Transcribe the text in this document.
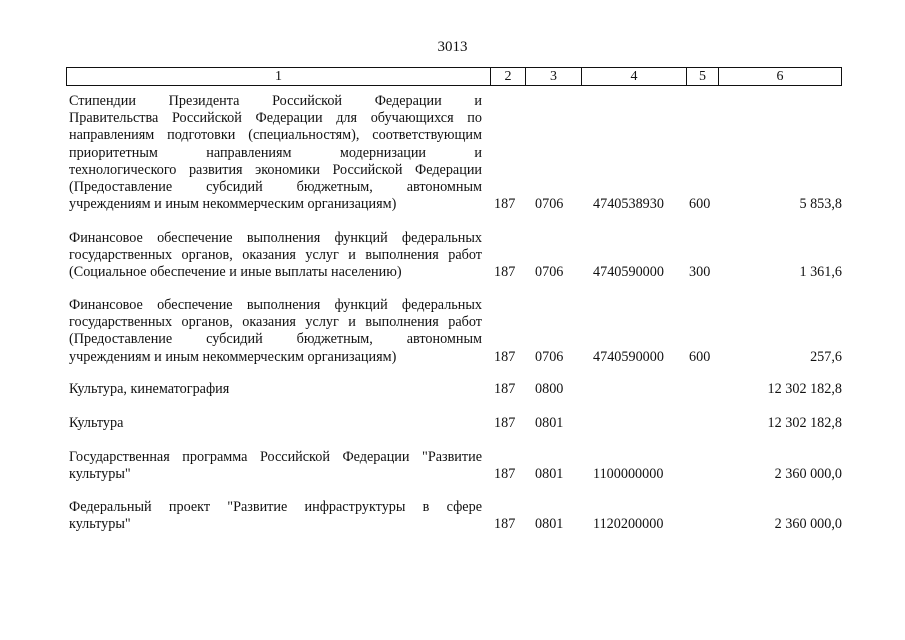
3013
1	2	3	4	5	6
Стипендии Президента Российской Федерации и
Правительства Российской Федерации для обучающихся по
направлениям подготовки (специальностям), соответствующим
приоритетным направлениям модернизации и
технологического развития экономики Российской Федерации
(Предоставление субсидий бюджетным, автономным
учреждениям и иным некоммерческим организациям)	187 0706 4740538930 600	5 853,8
Финансовое обеспечение выполнения функций федеральных
государственных органов, оказания услуг и выполнения работ
(Социальное обеспечение и иные выплаты населению)	187 0706 4740590000 300	1 361,6
Финансовое обеспечение выполнения функций федеральных
государственных органов, оказания услуг и выполнения работ
(Предоставление субсидий бюджетным, автономным
учреждениям и иным некоммерческим организациям)	187 0706 4740590000 600	257,6
Культура, кинематография	187 0800	12 302 182,8
Культура	187 0801	12 302 182,8
Государственная программа Российской Федерации "Развитие
культуры"	187 0801 1100000000	2 360 000,0
Федеральный проект "Развитие инфраструктуры в сфере
культуры"	187 0801 1120200000	2 360 000,0
